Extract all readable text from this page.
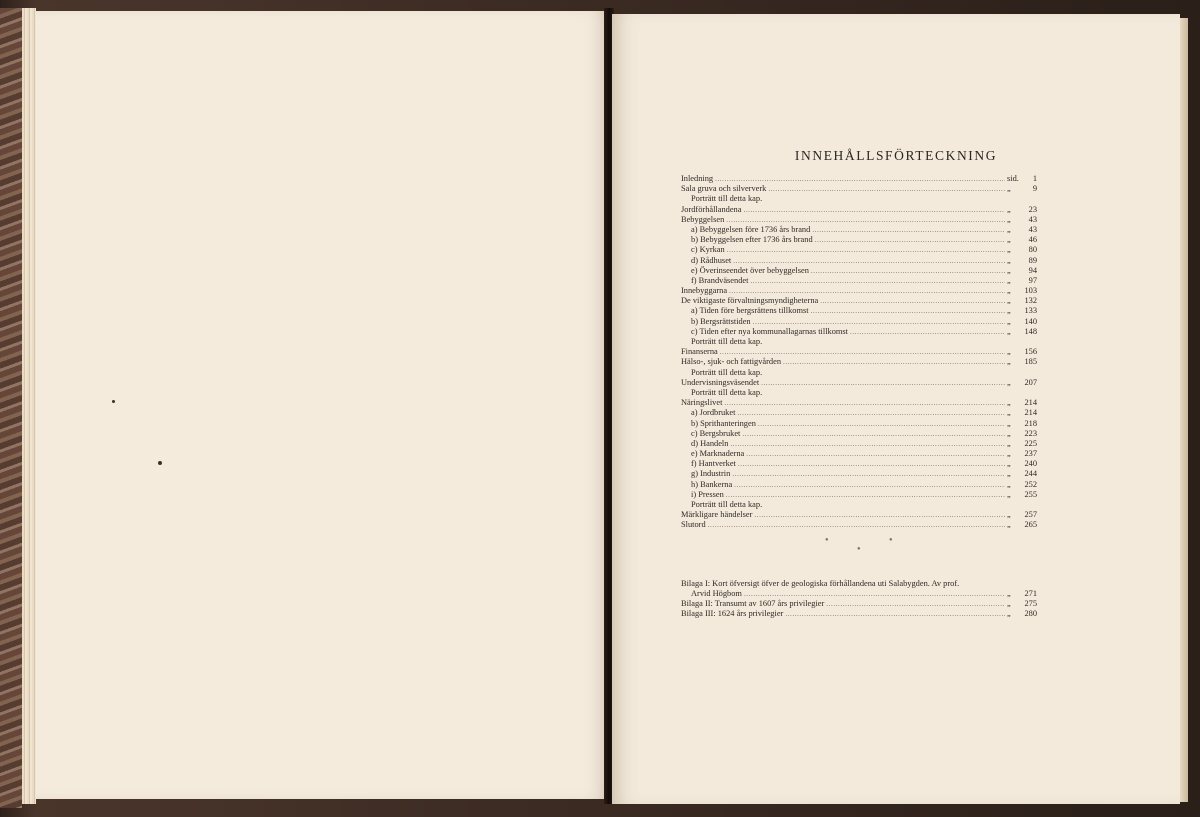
INNEHÅLLSFÖRTECKNING
Inledning .....	sid.	1
Sala gruva och silververk .....	„	9
Porträtt till detta kap.
Jordförhållandena .....	„	23
Bebyggelsen .....	„	43
a) Bebyggelsen före 1736 års brand .....	„	43
b) Bebyggelsen efter 1736 års brand .....	„	46
c) Kyrkan .....	„	80
d) Rådhuset .....	„	89
e) Överinseendet över bebyggelsen .....	„	94
f) Brandväsendet .....	„	97
Innebyggarna .....	„	103
De viktigaste förvaltningsmyndigheterna .....	„	132
a) Tiden före bergsrättens tillkomst .....	„	133
b) Bergsrättstiden .....	„	140
c) Tiden efter nya kommunallagarnas tillkomst .....	„	148
Porträtt till detta kap.
Finanserna .....	„	156
Hälso-, sjuk- och fattigvården .....	„	185
Porträtt till detta kap.
Undervisningsväsendet .....	„	207
Porträtt till detta kap.
Näringslivet .....	„	214
a) Jordbruket .....	„	214
b) Sprithanteringen .....	„	218
c) Bergsbruket .....	„	223
d) Handeln .....	„	225
e) Marknaderna .....	„	237
f) Hantverket .....	„	240
g) Industrin .....	„	244
h) Bankerna .....	„	252
i) Pressen .....	„	255
Porträtt till detta kap.
Märkligare händelser .....	„	257
Slutord .....	„	265
●	●
●
Bilaga I: Kort öfversigt öfver de geologiska förhållandena uti Salabygden. Av prof.
Arvid Högbom .....	„	271
Bilaga II: Transumt av 1607 års privilegier .....	„	275
Bilaga III: 1624 års privilegier .....	„	280
